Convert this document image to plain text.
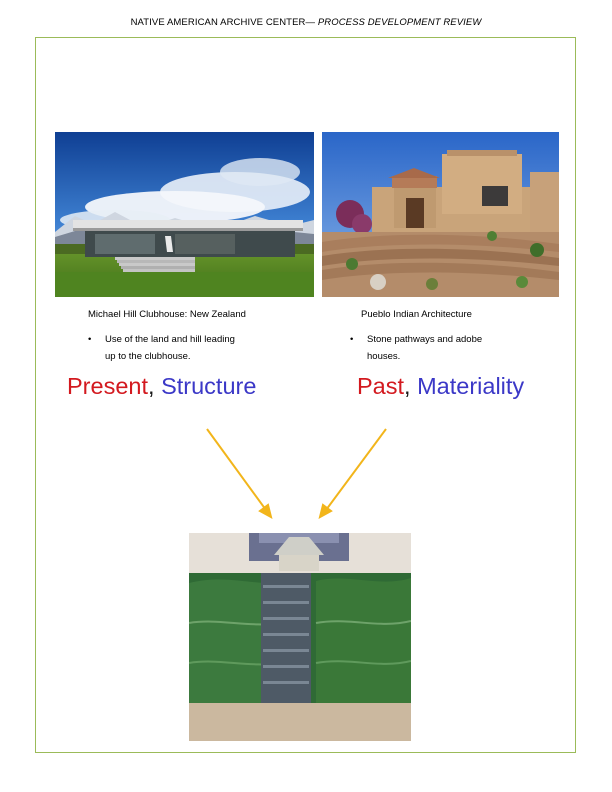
NATIVE AMERICAN ARCHIVE CENTER— PROCESS DEVELOPMENT REVIEW
Michael Hill Clubhouse: New Zealand	Pueblo Indian Architecture
• Use of the land and hill leading
up to the clubhouse.
• Stone pathways and adobe
houses.
Present, Structure	Past, Materiality
